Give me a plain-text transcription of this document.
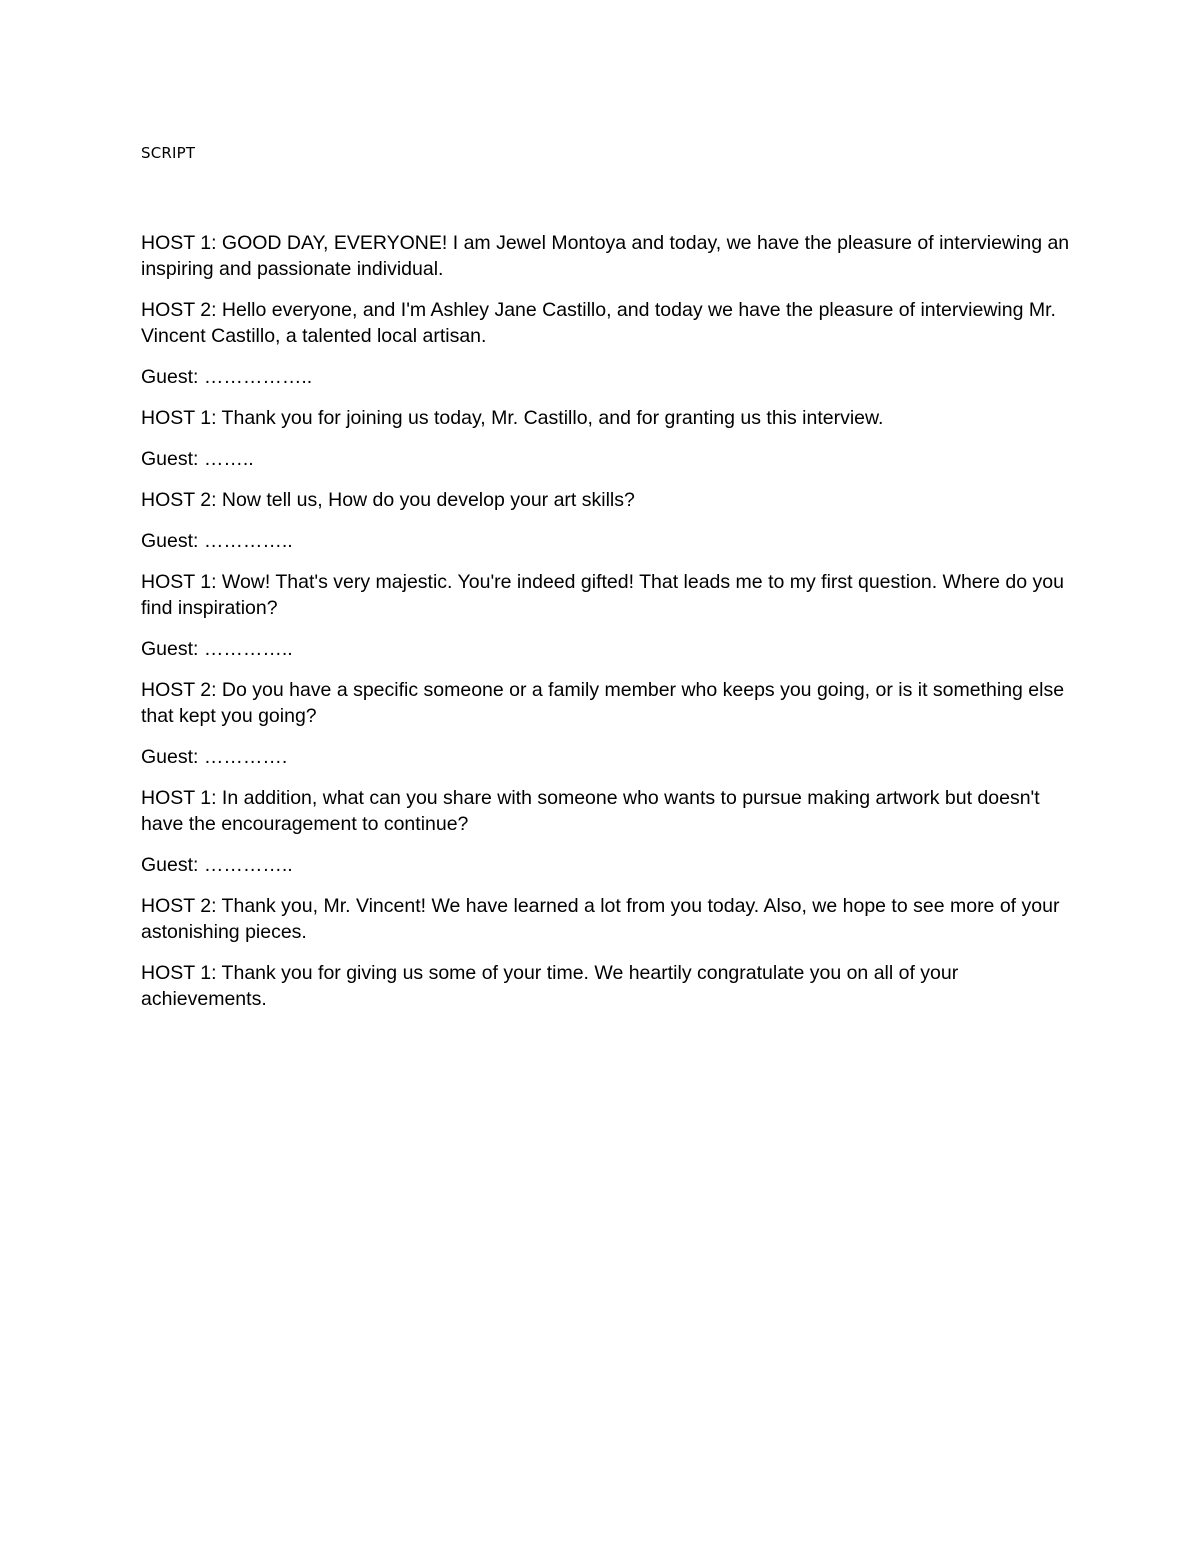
SCRIPT

HOST 1: GOOD DAY, EVERYONE! I am Jewel Montoya and today, we have the pleasure of interviewing an inspiring and passionate individual.

HOST 2: Hello everyone, and I'm Ashley Jane Castillo, and today we have the pleasure of interviewing Mr. Vincent Castillo, a talented local artisan.

Guest: ……………..

HOST 1: Thank you for joining us today, Mr. Castillo, and for granting us this interview.

Guest: ……..

HOST 2: Now tell us, How do you develop your art skills?

Guest: …………..

HOST 1: Wow! That's very majestic. You're indeed gifted! That leads me to my first question. Where do you find inspiration?

Guest: …………..

HOST 2: Do you have a specific someone or a family member who keeps you going, or is it something else that kept you going?

Guest: ………….

HOST 1: In addition, what can you share with someone who wants to pursue making artwork but doesn't have the encouragement to continue?

Guest: …………..

HOST 2: Thank you, Mr. Vincent! We have learned a lot from you today. Also, we hope to see more of your astonishing pieces.

HOST 1: Thank you for giving us some of your time. We heartily congratulate you on all of your achievements.
